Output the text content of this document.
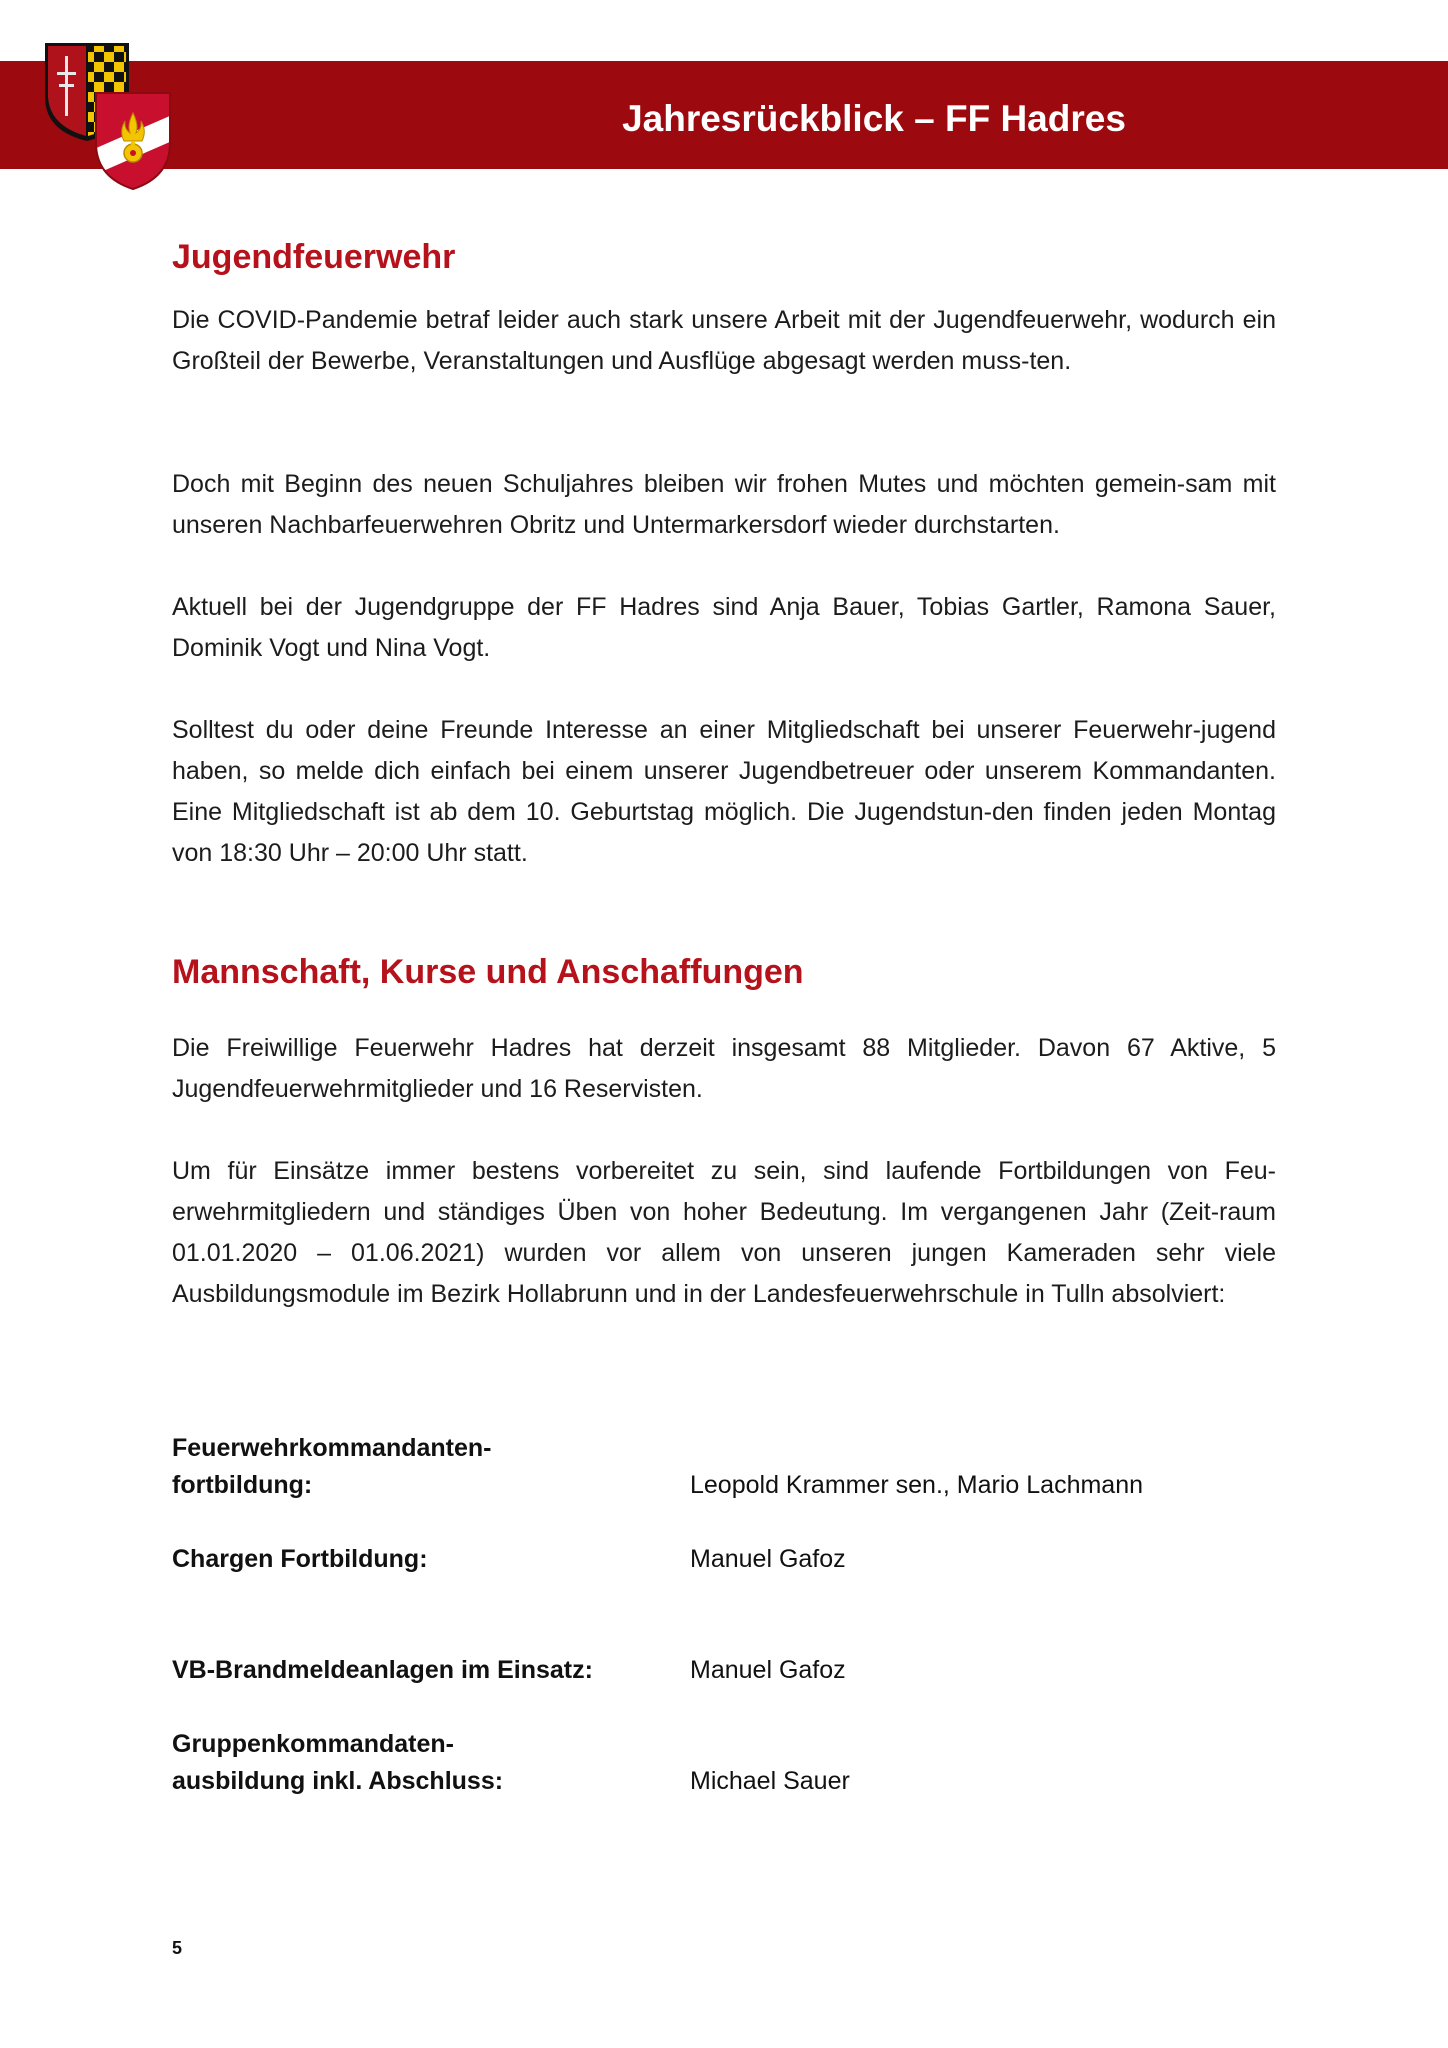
Jahresrückblick – FF Hadres
Jugendfeuerwehr

Die COVID-Pandemie betraf leider auch stark unsere Arbeit mit der Jugendfeuerwehr, wodurch ein Großteil der Bewerbe, Veranstaltungen und Ausflüge abgesagt werden muss-ten.

Doch mit Beginn des neuen Schuljahres bleiben wir frohen Mutes und möchten gemein-sam mit unseren Nachbarfeuerwehren Obritz und Untermarkersdorf wieder durchstarten.

Aktuell bei der Jugendgruppe der FF Hadres sind Anja Bauer, Tobias Gartler, Ramona Sauer, Dominik Vogt und Nina Vogt.

Solltest du oder deine Freunde Interesse an einer Mitgliedschaft bei unserer Feuerwehr-jugend haben, so melde dich einfach bei einem unserer Jugendbetreuer oder unserem Kommandanten. Eine Mitgliedschaft ist ab dem 10. Geburtstag möglich. Die Jugendstun-den finden jeden Montag von 18:30 Uhr – 20:00 Uhr statt.

Mannschaft, Kurse und Anschaffungen

Die Freiwillige Feuerwehr Hadres hat derzeit insgesamt 88 Mitglieder. Davon 67 Aktive, 5 Jugendfeuerwehrmitglieder und 16 Reservisten.

Um für Einsätze immer bestens vorbereitet zu sein, sind laufende Fortbildungen von Feu-erwehrmitgliedern und ständiges Üben von hoher Bedeutung. Im vergangenen Jahr (Zeit-raum 01.01.2020 – 01.06.2021) wurden vor allem von unseren jungen Kameraden sehr viele Ausbildungsmodule im Bezirk Hollabrunn und in der Landesfeuerwehrschule in Tulln absolviert:

Feuerwehrkommandanten-
fortbildung:	Leopold Krammer sen., Mario Lachmann
Chargen Fortbildung:	Manuel Gafoz
VB-Brandmeldeanlagen im Einsatz:	Manuel Gafoz
Gruppenkommandaten-
ausbildung inkl. Abschluss:	Michael Sauer
5
